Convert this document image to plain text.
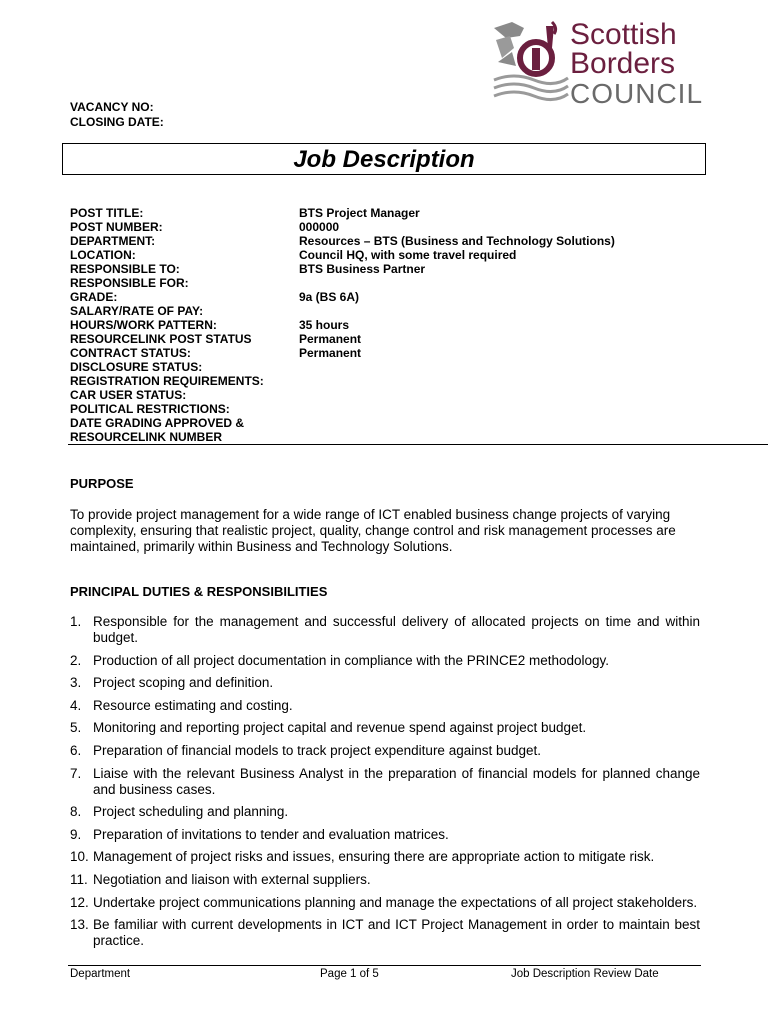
Scottish
Borders
COUNCIL
VACANCY NO:
CLOSING DATE:
Job Description
POST TITLE:	BTS Project Manager
POST NUMBER:	000000
DEPARTMENT:	Resources – BTS (Business and Technology Solutions)
LOCATION:	Council HQ, with some travel required
RESPONSIBLE TO:	BTS Business Partner
RESPONSIBLE FOR:
GRADE:	9a (BS 6A)
SALARY/RATE OF PAY:
HOURS/WORK PATTERN:	35 hours
RESOURCELINK POST STATUS	Permanent
CONTRACT STATUS:	Permanent
DISCLOSURE STATUS:
REGISTRATION REQUIREMENTS:
CAR USER STATUS:
POLITICAL RESTRICTIONS:
DATE GRADING APPROVED &
RESOURCELINK NUMBER
PURPOSE
To provide project management for a wide range of ICT enabled business change projects of varying complexity, ensuring that realistic project, quality, change control and risk management processes are maintained, primarily within Business and Technology Solutions.
PRINCIPAL DUTIES & RESPONSIBILITIES
1. Responsible for the management and successful delivery of allocated projects on time and within budget.
2. Production of all project documentation in compliance with the PRINCE2 methodology.
3. Project scoping and definition.
4. Resource estimating and costing.
5. Monitoring and reporting project capital and revenue spend against project budget.
6. Preparation of financial models to track project expenditure against budget.
7. Liaise with the relevant Business Analyst in the preparation of financial models for planned change and business cases.
8. Project scheduling and planning.
9. Preparation of invitations to tender and evaluation matrices.
10. Management of project risks and issues, ensuring there are appropriate action to mitigate risk.
11. Negotiation and liaison with external suppliers.
12. Undertake project communications planning and manage the expectations of all project stakeholders.
13. Be familiar with current developments in ICT and ICT Project Management in order to maintain best practice.
Department	Page 1 of 5	Job Description Review Date
